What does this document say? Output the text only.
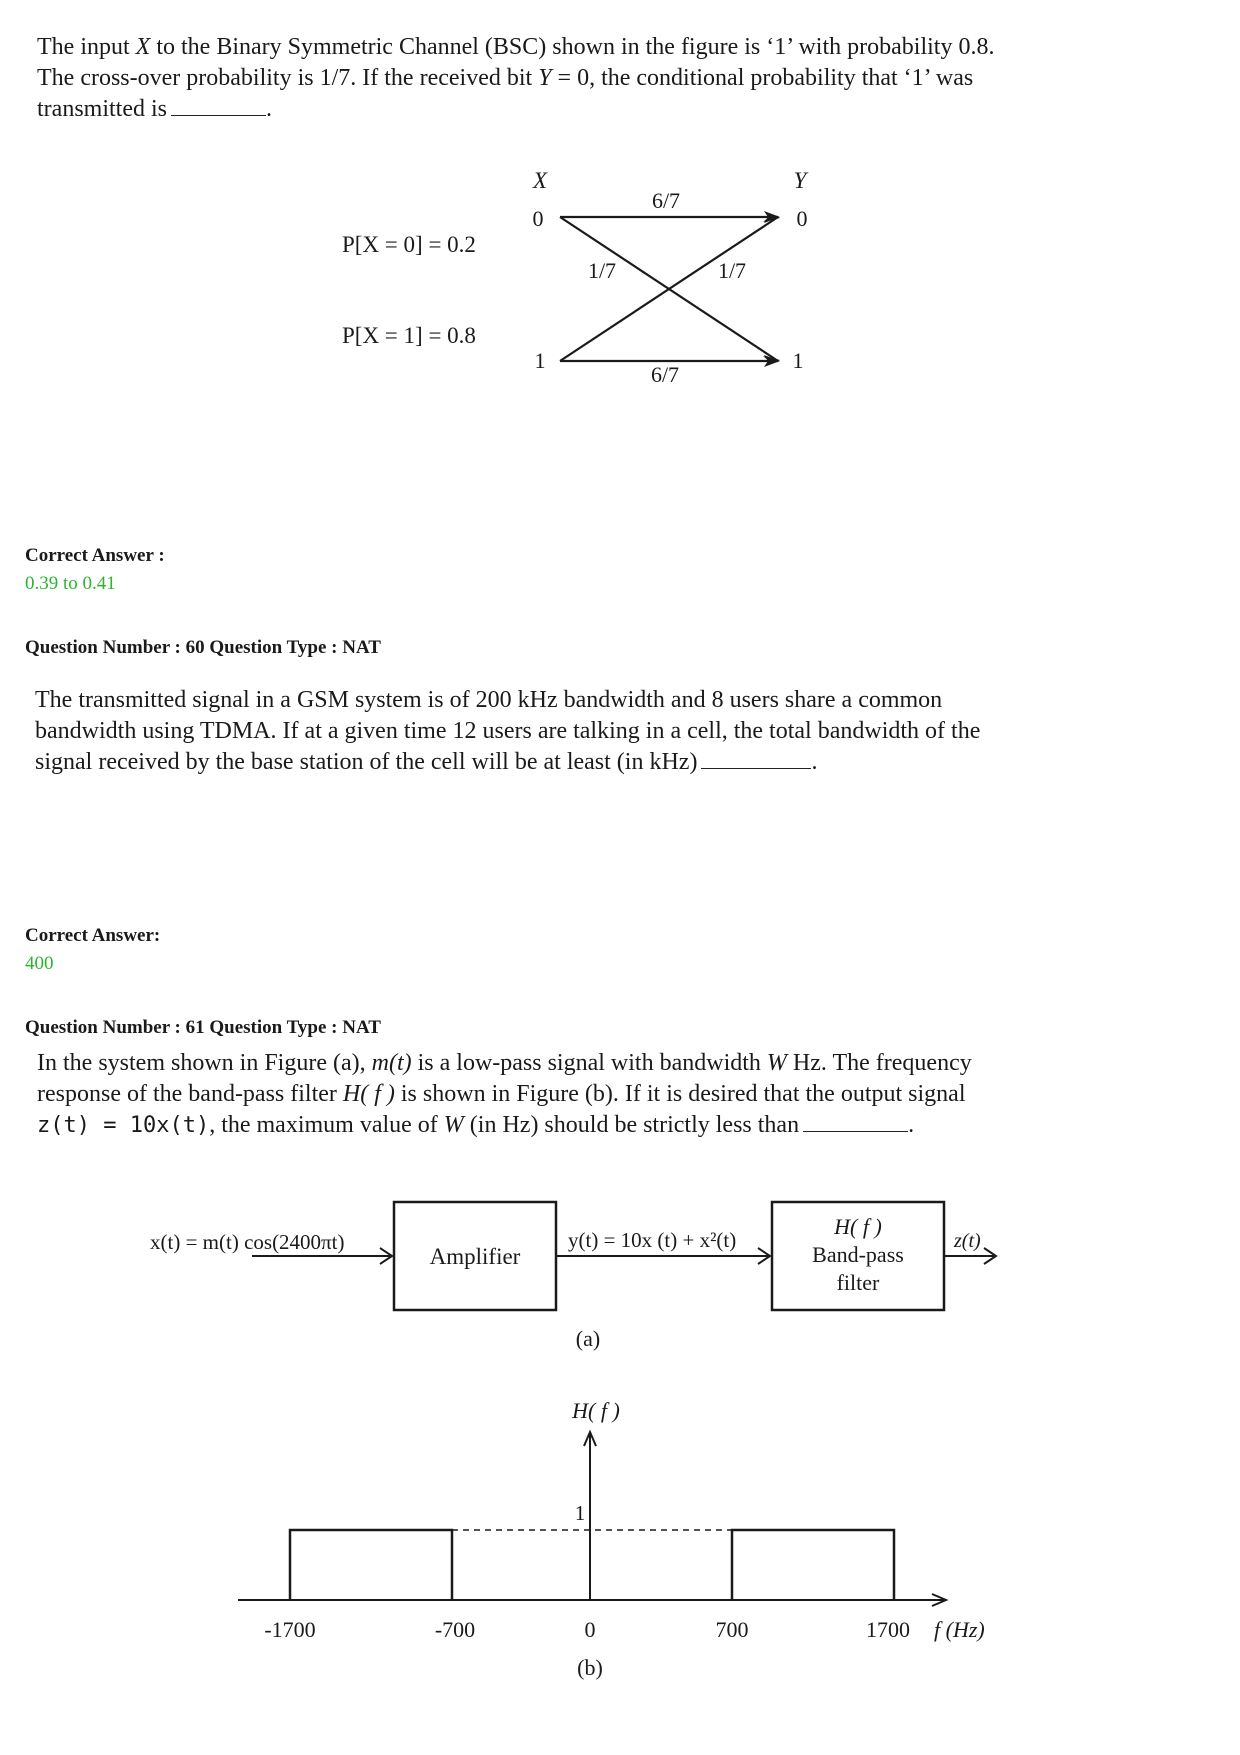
The input X to the Binary Symmetric Channel (BSC) shown in the figure is ‘1’ with probability 0.8.

The cross-over probability is 1/7. If the received bit Y = 0, the conditional probability that ‘1’ was

transmitted is	.

X	Y
0	0
1	1
6/7
6/7
1/7	1/7
P[X = 0] = 0.2
P[X = 1] = 0.8
Correct Answer :
0.39 to 0.41
Question Number : 60 Question Type : NAT

The transmitted signal in a GSM system is of 200 kHz bandwidth and 8 users share a common

bandwidth using TDMA. If at a given time 12 users are talking in a cell, the total bandwidth of the

signal received by the base station of the cell will be at least (in kHz)	.

Correct Answer:
400
Question Number : 61 Question Type : NAT

In the system shown in Figure (a), m(t) is a low-pass signal with bandwidth W Hz. The frequency

response of the band-pass filter H( f ) is shown in Figure (b). If it is desired that the output signal

z(t) = 10x(t), the maximum value of W (in Hz) should be strictly less than	.

Amplifier
H( f )
Band-pass
filter
x(t) = m(t) cos(2400πt)	y(t) = 10x (t) + x²(t)	z(t)
(a)
H( f )
1
-1700	-700	0	700	1700 f (Hz)
(b)
